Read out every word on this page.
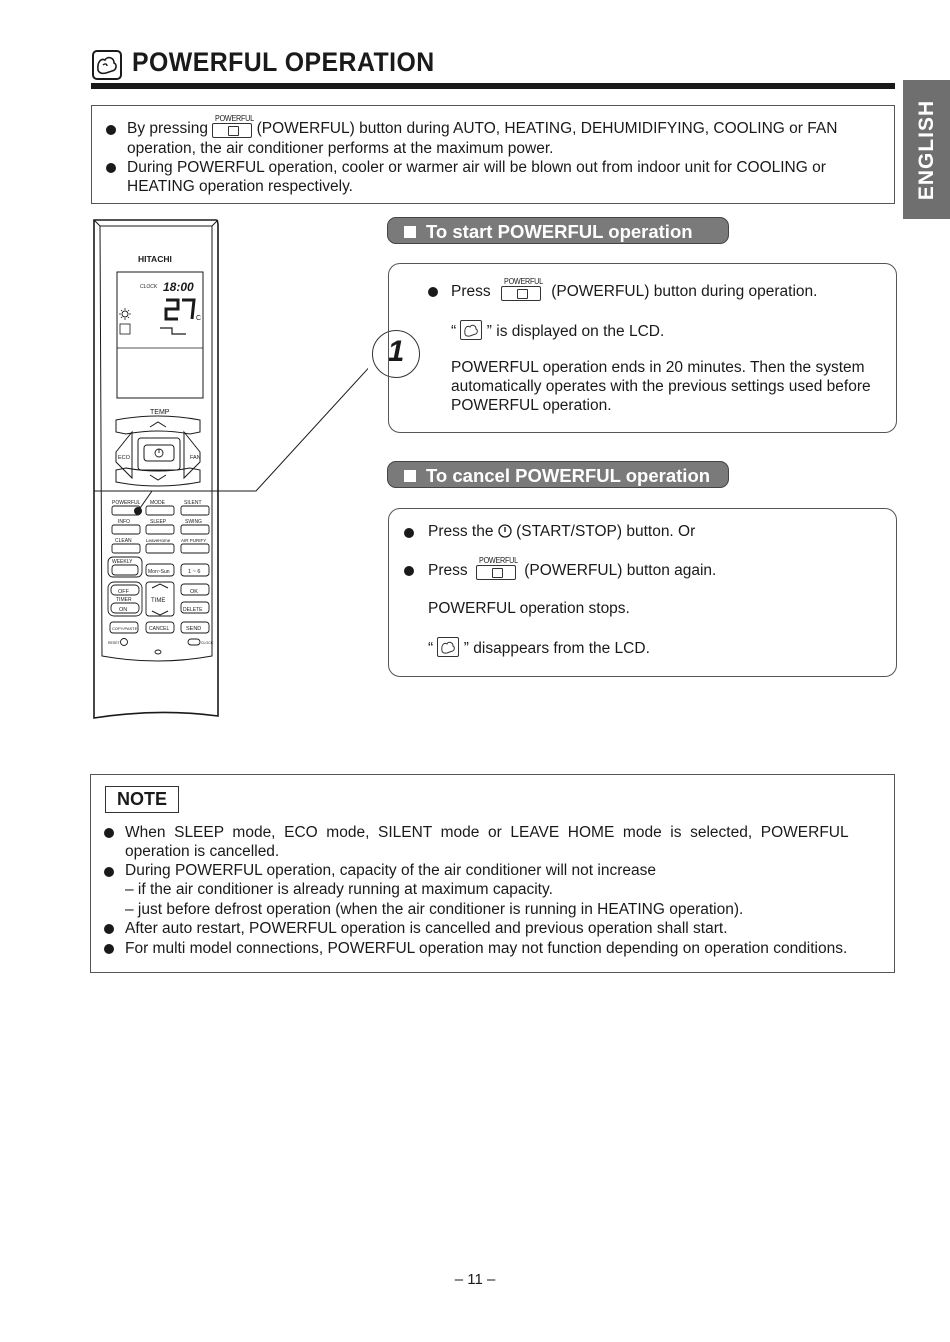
POWERFUL OPERATION
ENGLISH
By pressing
POWERFUL
(POWERFUL) button during AUTO, HEATING, DEHUMIDIFYING, COOLING or FAN
operation, the air conditioner performs at the maximum power.
During POWERFUL operation, cooler or warmer air will be blown out from indoor unit for COOLING or
HEATING operation respectively.
HITACHI
CLOCK 18:00
C
TEMP
ECO	FAN
POWERFUL MODE	SILENT
INFO	SLEEP	SWING
CLEAN	LeaveHome AIR PURIFY
WEEKLY
Mon~Sun	1 ~ 6
OFF
TIMER
ON
TIME
OK
DELETE
COPY/PASTE CANCEL	SEND
RESET	CLOCK
1
To start POWERFUL operation
Press
POWERFUL
(POWERFUL) button during operation.
“ ” is displayed on the LCD.
POWERFUL operation ends in 20 minutes. Then the system
automatically operates with the previous settings used before
POWERFUL operation.
To cancel POWERFUL operation
Press the (START/STOP) button. Or
Press
POWERFUL
(POWERFUL) button again.
POWERFUL operation stops.
“ ” disappears from the LCD.
NOTE
When  SLEEP  mode,  ECO  mode,  SILENT  mode  or  LEAVE  HOME  mode  is  selected,  POWERFUL
operation is cancelled.
During POWERFUL operation, capacity of the air conditioner will not increase
– if the air conditioner is already running at maximum capacity.
– just before defrost operation (when the air conditioner is running in HEATING operation).
After auto restart, POWERFUL operation is cancelled and previous operation shall start.
For multi model connections, POWERFUL operation may not function depending on operation conditions.
– 11 –
